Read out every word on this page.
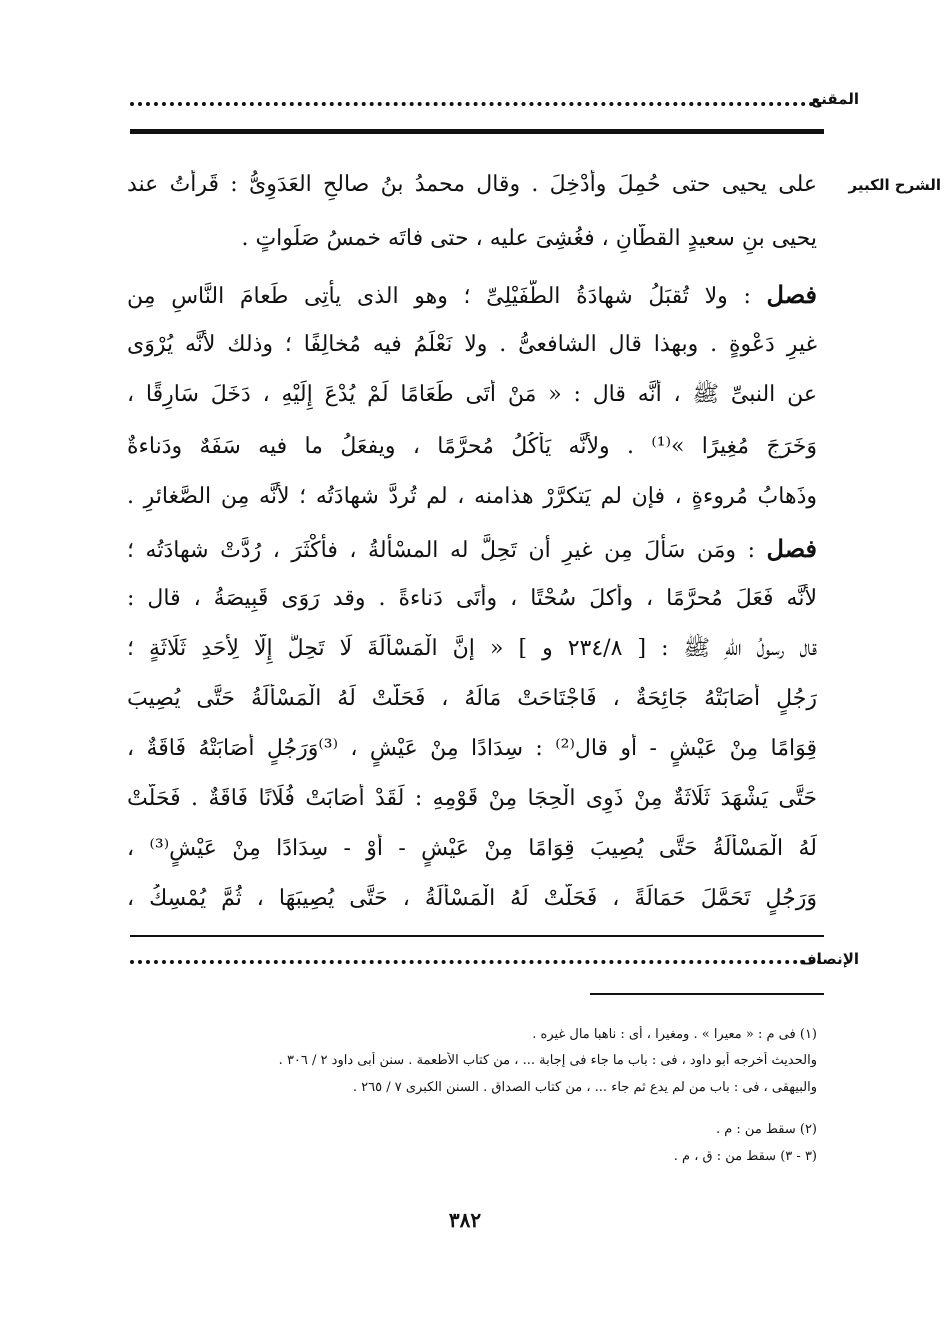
المقنع
الشرح الكبير
على يحيى حتى حُمِلَ وأُدْخِلَ . وقال محمدُ بنُ صالحِ العَدَوِىُّ : قَرأْتُ عند
يحيى بنِ سعيدٍ القطَّانِ ، فغُشِىَ عليه ، حتى فاتَه خمسُ صَلَواتٍ .
فصل : ولا تُقبَلُ شهادَةُ الطُّفَيْلِىِّ ؛ وهو الذى يأْتِى طَعامَ النَّاسِ مِن
غيرِ دَعْوةٍ . وبهذا قال الشافعىُّ . ولا نَعْلَمُ فيه مُخالِفًا ؛ وذلك لأنَّه يُرْوَى
عن النبىِّ ﷺ ، أنَّه قال : « مَنْ أَتَى طَعَامًا لَمْ يُدْعَ إِلَيْهِ ، دَخَلَ سَارِقًا ،
وَخَرَجَ مُغِيرًا »⁽¹⁾ . ولأنَّه يَأْكُلُ مُحرَّمًا ، ويفعَلُ ما فيه سَفَهٌ ودَناءةٌ
وذَهابُ مُروءةٍ ، فإن لم يَتكرَّرْ هذامنه ، لم تُردَّ شهادَتُه ؛ لأنَّه مِن الصَّغائرِ .
فصل : ومَن سَأَلَ مِن غيرِ أن تَحِلَّ له المسْألةُ ، فأكْثَرَ ، رُدَّتْ شهادَتُه ؛
لأنَّه فَعَلَ مُحرَّمًا ، وأكلَ سُحْتًا ، وأتَى دَناءةً . وقد رَوَى قَبِيصَةُ ، قال :
قال رسولُ اللهِ ﷺ : [ ٢٣٤/٨ و ] « إنَّ الْمَسْأَلَةَ لَا تَحِلُّ إِلَّا لِأَحَدِ ثَلَاثَةٍ ؛
رَجُلٍ أَصَابَتْهُ جَائِحَةٌ ، فَاجْتَاحَتْ مَالَهُ ، فَحَلَّتْ لَهُ الْمَسْأَلَةُ حَتَّى يُصِيبَ
قِوَامًا مِنْ عَيْشٍ - أو قال⁽²⁾ : سِدَادًا مِنْ عَيْشٍ ، ⁽³⁾وَرَجُلٍ أَصَابَتْهُ فَاقَةٌ ،
حَتَّى يَشْهَدَ ثَلَاثَةٌ مِنْ ذَوِى الْحِجَا مِنْ قَوْمِهِ : لَقَدْ أَصَابَتْ فُلَانًا فَاقَةٌ . فَحَلَّتْ
لَهُ الْمَسْأَلَةُ حَتَّى يُصِيبَ قِوَامًا مِنْ عَيْشٍ - أَوْ - سِدَادًا مِنْ عَيْشٍ⁽³⁾ ،
وَرَجُلٍ تَحَمَّلَ حَمَالَةً ، فَحَلَّتْ لَهُ الْمَسْأَلَةُ ، حَتَّى يُصِيبَهَا ، ثُمَّ يُمْسِكُ ،
الإنصاف
(١) فى م : « معيرا » . ومغيرا ، أى : ناهبا مال غيره .
والحديث أخرجه أبو داود ، فى : باب ما جاء فى إجابة ... ، من كتاب الأطعمة . سنن أبى داود ٢ / ٣٠٦ .
والبيهقى ، فى : باب من لم يدع ثم جاء ... ، من كتاب الصداق . السنن الكبرى ٧ / ٢٦٥ .
(٢) سقط من : م .
(٣ - ٣) سقط من : ق ، م .
٣٨٢
